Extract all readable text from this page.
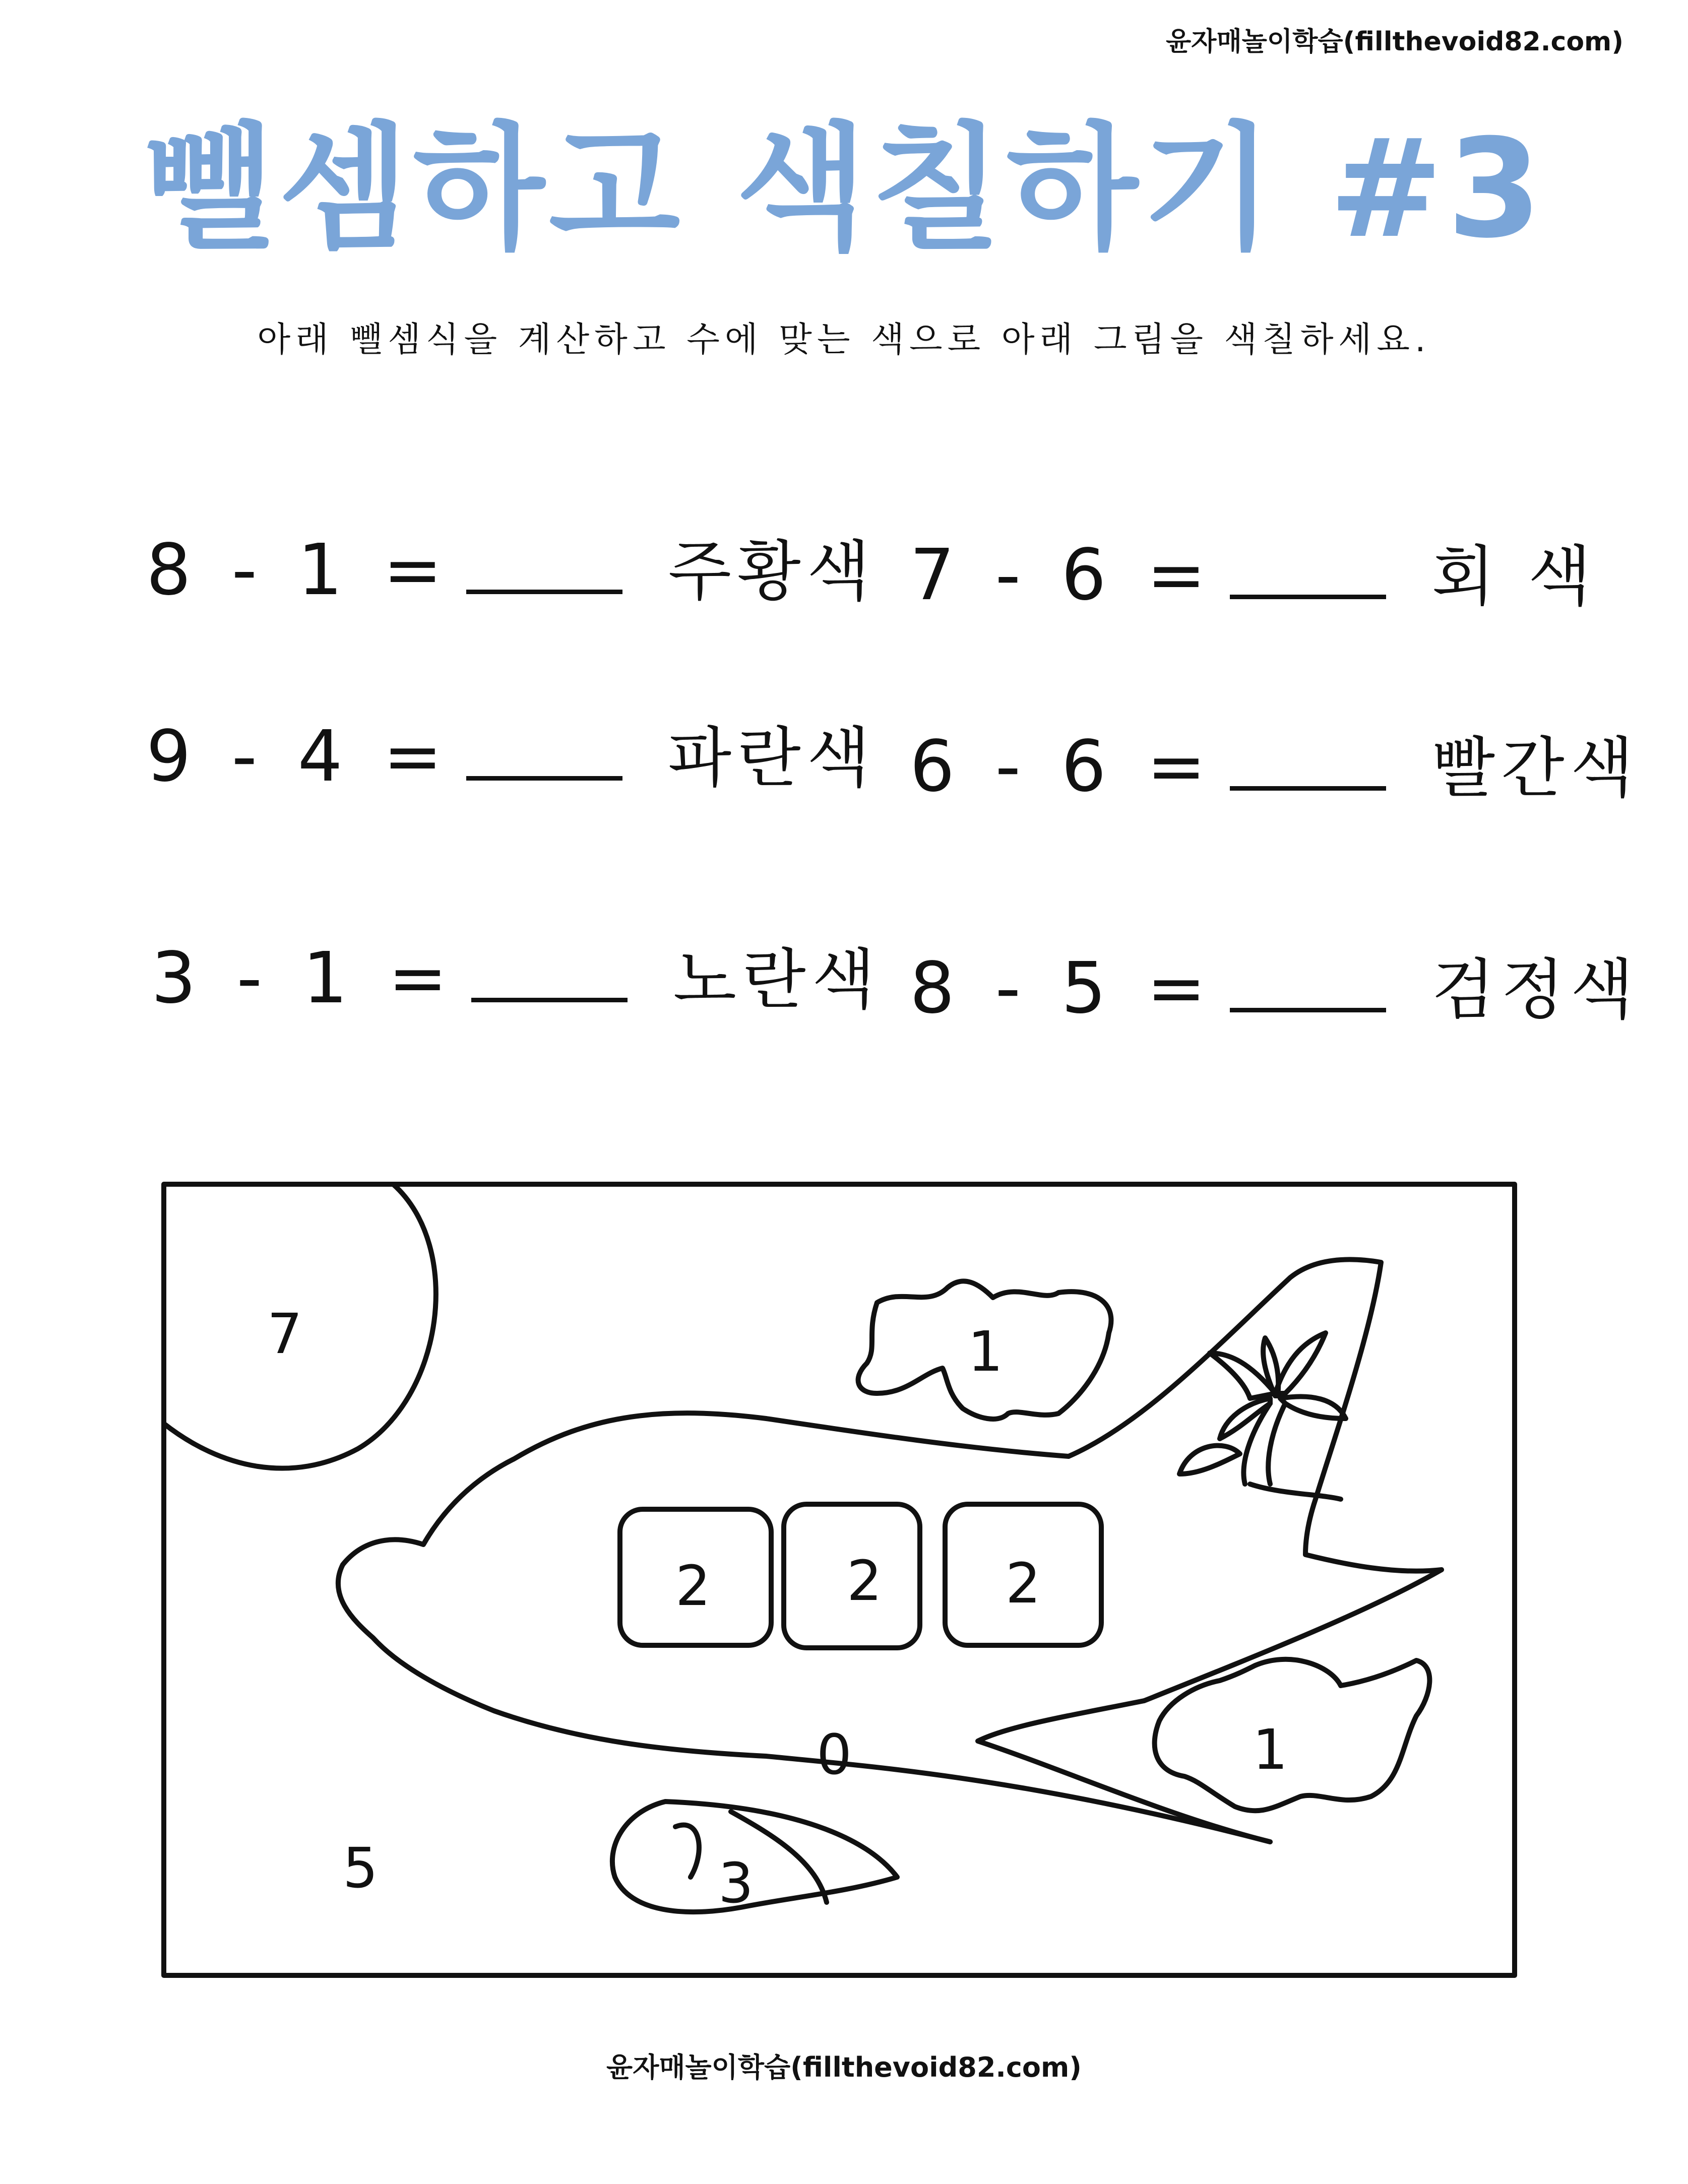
윤자매놀이학습(fillthevoid82.com)
뺄셈하고 색칠하기 #3
아래 뺄셈식을 계산하고 수에 맞는 색으로 아래 그림을 색칠하세요.
8 - 1 =	주황색 7 - 6 =	회 색
9 - 4 =	파란색 6 - 6 =	빨간색
3 - 1 =	노란색 8 - 5 =	검정색
7	1
2 2 2
0
3
5
1
윤자매놀이학습(fillthevoid82.com)
